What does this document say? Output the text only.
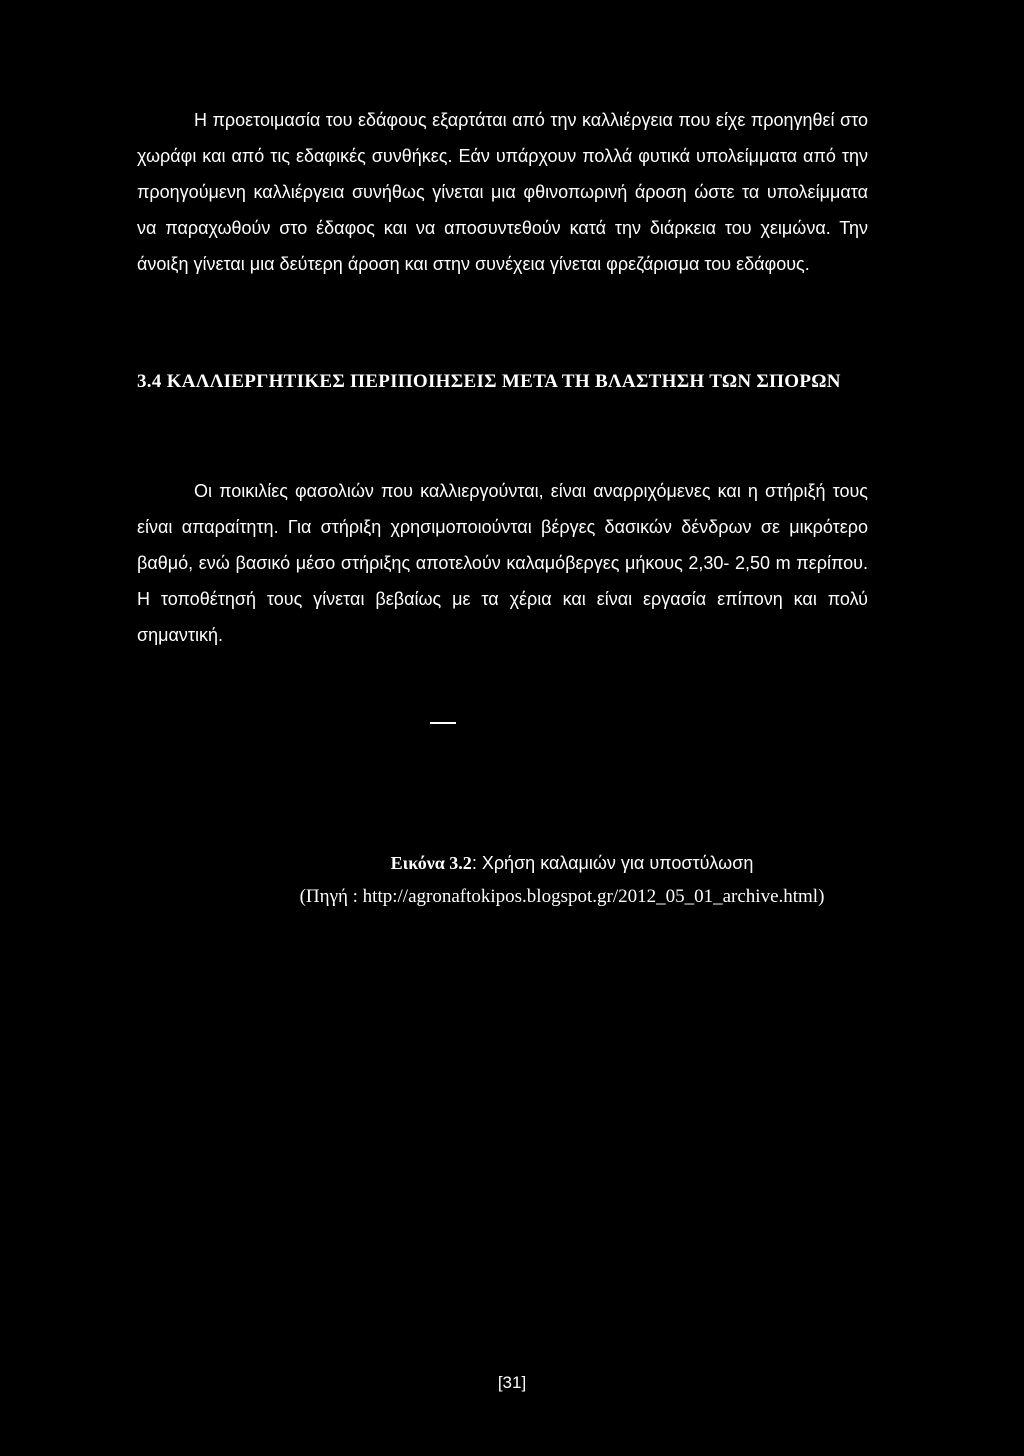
Η προετοιμασία του εδάφους εξαρτάται από την καλλιέργεια που είχε προηγηθεί στο χωράφι και από τις εδαφικές συνθήκες. Εάν υπάρχουν πολλά φυτικά υπολείμματα από την προηγούμενη καλλιέργεια συνήθως γίνεται μια φθινοπωρινή άροση ώστε τα υπολείμματα να παραχωθούν στο έδαφος και να αποσυντεθούν κατά την διάρκεια του χειμώνα. Την άνοιξη γίνεται μια δεύτερη άροση και στην συνέχεια γίνεται φρεζάρισμα του εδάφους.

3.4 ΚΑΛΛΙΕΡΓΗΤΙΚΕΣ ΠΕΡΙΠΟΙΗΣΕΙΣ ΜΕΤΑ ΤΗ ΒΛΑΣΤΗΣΗ ΤΩΝ ΣΠΟΡΩΝ

Οι ποικιλίες φασολιών που καλλιεργούνται, είναι αναρριχόμενες και η στήριξή τους είναι απαραίτητη. Για στήριξη χρησιμοποιούνται βέργες δασικών δένδρων σε μικρότερο βαθμό, ενώ βασικό μέσο στήριξης αποτελούν καλαμόβεργες μήκους 2,30- 2,50 m περίπου. Η τοποθέτησή τους γίνεται βεβαίως με τα χέρια και είναι εργασία επίπονη και πολύ σημαντική.

Εικόνα 3.2: Χρήση καλαμιών για υποστύλωση

(Πηγή : http://agronaftokipos.blogspot.gr/2012_05_01_archive.html)

[31]
